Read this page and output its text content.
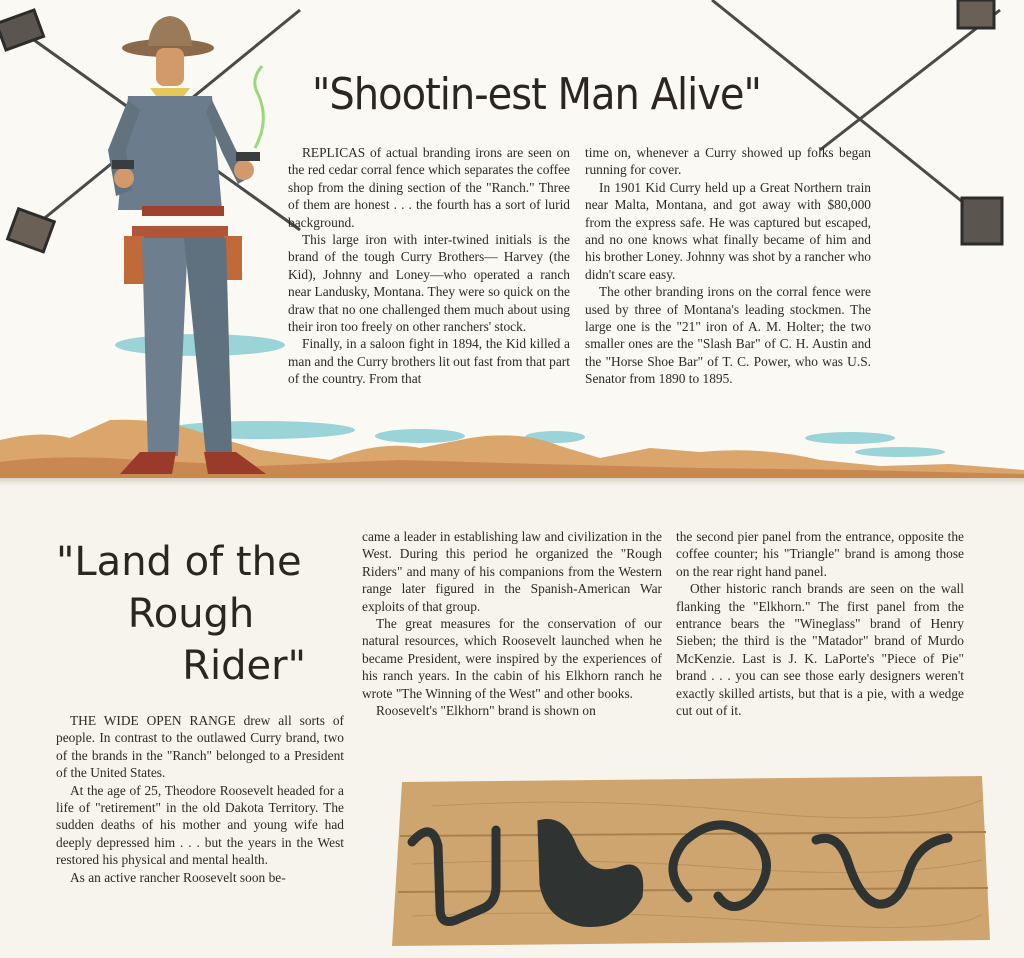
"Shootin-est Man Alive"

REPLICAS of actual branding irons are seen on the red cedar corral fence which separates the coffee shop from the dining section of the "Ranch." Three of them are honest . . . the fourth has a sort of lurid background.

This large iron with inter-twined initials is the brand of the tough Curry Brothers— Harvey (the Kid), Johnny and Loney—who operated a ranch near Landusky, Montana. They were so quick on the draw that no one challenged them much about using their iron too freely on other ranchers' stock.

Finally, in a saloon fight in 1894, the Kid killed a man and the Curry brothers lit out fast from that part of the country. From that

time on, whenever a Curry showed up folks began running for cover.

In 1901 Kid Curry held up a Great Northern train near Malta, Montana, and got away with $80,000 from the express safe. He was captured but escaped, and no one knows what finally became of him and his brother Loney. Johnny was shot by a rancher who didn't scare easy.

The other branding irons on the corral fence were used by three of Montana's leading stockmen. The large one is the "21" iron of A. M. Holter; the two smaller ones are the "Slash Bar" of C. H. Austin and the "Horse Shoe Bar" of T. C. Power, who was U.S. Senator from 1890 to 1895.

"Land of the
Rough
Rider"

THE WIDE OPEN RANGE drew all sorts of people. In contrast to the outlawed Curry brand, two of the brands in the "Ranch" belonged to a President of the United States.

At the age of 25, Theodore Roosevelt headed for a life of "retirement" in the old Dakota Territory. The sudden deaths of his mother and young wife had deeply depressed him . . . but the years in the West restored his physical and mental health.

As an active rancher Roosevelt soon be-

came a leader in establishing law and civilization in the West. During this period he organized the "Rough Riders" and many of his companions from the Western range later figured in the Spanish-American War exploits of that group.

The great measures for the conservation of our natural resources, which Roosevelt launched when he became President, were inspired by the experiences of his ranch years. In the cabin of his Elkhorn ranch he wrote "The Winning of the West" and other books.

Roosevelt's "Elkhorn" brand is shown on

the second pier panel from the entrance, opposite the coffee counter; his "Triangle" brand is among those on the rear right hand panel.

Other historic ranch brands are seen on the wall flanking the "Elkhorn." The first panel from the entrance bears the "Wineglass" brand of Henry Sieben; the third is the "Matador" brand of Murdo McKenzie. Last is J. K. LaPorte's "Piece of Pie" brand . . . you can see those early designers weren't exactly skilled artists, but that is a pie, with a wedge cut out of it.
